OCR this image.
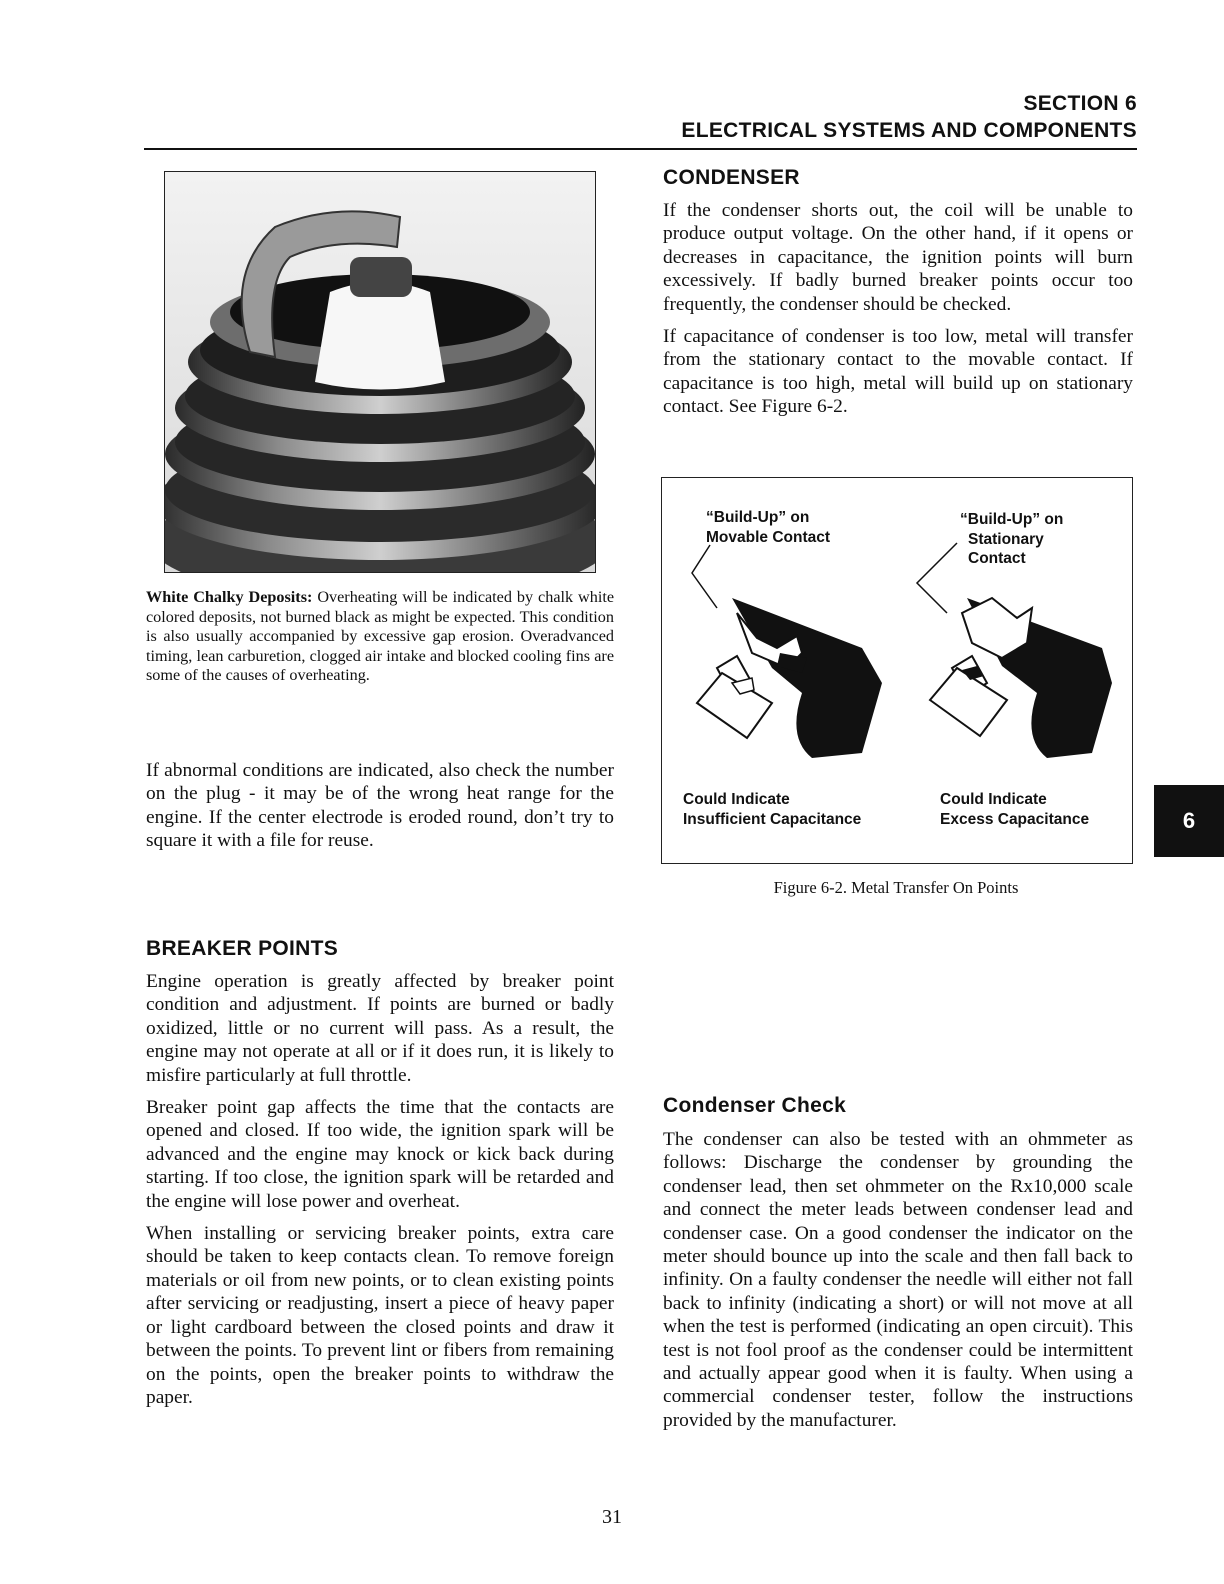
SECTION 6
ELECTRICAL SYSTEMS AND COMPONENTS
White Chalky Deposits: Overheating will be indicated by chalk white colored deposits, not burned black as might be expected. This condition is also usually accompanied by excessive gap erosion. Overadvanced timing, lean carburetion, clogged air intake and blocked cooling fins are some of the causes of overheating.

If abnormal conditions are indicated, also check the number on the plug - it may be of the wrong heat range for the engine. If the center electrode is eroded round, don’t try to square it with a file for reuse.

BREAKER POINTS

Engine operation is greatly affected by breaker point condition and adjustment. If points are burned or badly oxidized, little or no current will pass. As a result, the engine may not operate at all or if it does run, it is likely to misfire particularly at full throttle.

Breaker point gap affects the time that the contacts are opened and closed. If too wide, the ignition spark will be advanced and the engine may knock or kick back during starting. If too close, the ignition spark will be retarded and the engine will lose power and overheat.

When installing or servicing breaker points, extra care should be taken to keep contacts clean. To remove foreign materials or oil from new points, or to clean existing points after servicing or readjusting, insert a piece of heavy paper or light cardboard between the closed points and draw it between the points. To prevent lint or fibers from remaining on the points, open the breaker points to withdraw the paper.

CONDENSER

If the condenser shorts out, the coil will be unable to produce output voltage. On the other hand, if it opens or decreases in capacitance, the ignition points will burn excessively. If badly burned breaker points occur too frequently, the condenser should be checked.

If capacitance of condenser is too low, metal will transfer from the stationary contact to the movable contact. If capacitance is too high, metal will build up on stationary contact. See Figure 6-2.

“Build-Up” on
Movable Contact
“Build-Up” on
Stationary
Contact
Could Indicate
Insufficient Capacitance
Could Indicate
Excess Capacitance
Figure 6-2. Metal Transfer On Points
6
Condenser Check

The condenser can also be tested with an ohmmeter as follows: Discharge the condenser by grounding the condenser lead, then set ohmmeter on the Rx10,000 scale and connect the meter leads between condenser lead and condenser case. On a good condenser the indicator on the meter should bounce up into the scale and then fall back to infinity. On a faulty condenser the needle will either not fall back to infinity (indicating a short) or will not move at all when the test is performed (indicating an open circuit). This test is not fool proof as the condenser could be intermittent and actually appear good when it is faulty. When using a commercial condenser tester, follow the instructions provided by the manufacturer.

31
